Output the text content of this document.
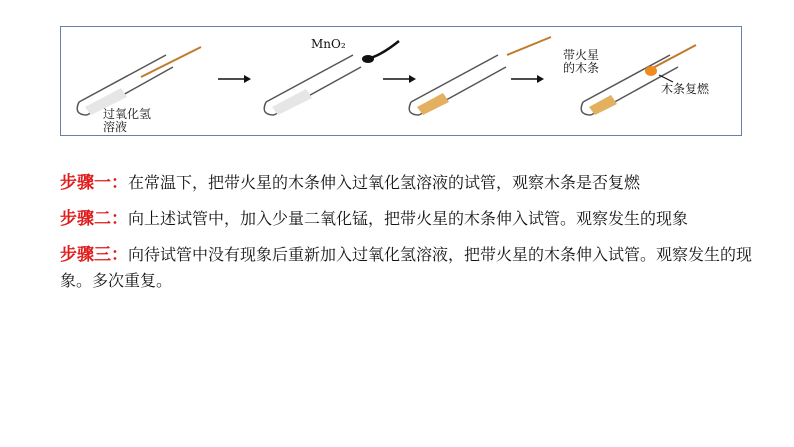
过氧化氢
溶液
MnO₂
带火星
的木条
木条复燃
步骤一：在常温下，把带火星的木条伸入过氧化氢溶液的试管，观察木条是否复燃
步骤二：向上述试管中，加入少量二氧化锰，把带火星的木条伸入试管。观察发生的现象
步骤三：向待试管中没有现象后重新加入过氧化氢溶液，把带火星的木条伸入试管。观察发生的现象。多次重复。
